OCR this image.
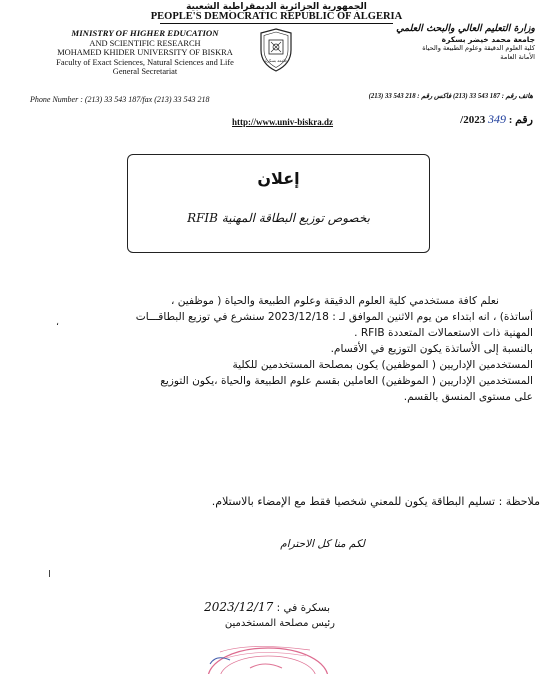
الجمهورية الجزائرية الديمقراطية الشعبية
PEOPLE'S DEMOCRATIC REPUBLIC OF ALGERIA
MINISTRY OF HIGHER EDUCATION
AND SCIENTIFIC RESEARCH
MOHAMED KHIDER UNIVERSITY OF BISKRA
Faculty of Exact Sciences, Natural Sciences and Life
General Secretariat
جامعة بسكرة
وزارة التعليم العالي والبحث العلمي
جامعة محمد خيضر بسكرة
كلية العلوم الدقيقة وعلوم الطبيعة والحياة
الأمانة العامة
Phone Number : (213) 33 543 187/fax (213) 33 543 218	هاتف رقم : 187 543 33 (213) فاكس رقم : 218 543 33 (213)
http://www.univ-biskra.dz	رقم : 349 2023/
إعلان
بخصوص توزيع البطاقة المهنية RFIB
نعلم كافة مستخدمي كلية العلوم الدقيقة وعلوم الطبيعة والحياة ( موظفين ،
أساتذة) ، انه ابتداء من يوم الاثنين الموافق لـ : 2023/12/18 سنشرع في توزيع البطاقـــات
المهنية ذات الاستعمالات المتعددة RFIB .
بالنسبة إلى الأساتذة يكون التوزيع في الأقسام.
المستخدمين الإداريين ( الموظفين) يكون بمصلحة المستخدمين للكلية
المستخدمين الإداريين ( الموظفين) العاملين بقسم علوم الطبيعة والحياة ،يكون التوزيع
على مستوى المنسق بالقسم.
،
ملاحظة : تسليم البطاقة يكون للمعني شخصيا فقط مع الإمضاء بالاستلام.
لكم منا كل الاحترام
بسكرة في : 2023/12/17
رئيس مصلحة المستخدمين
